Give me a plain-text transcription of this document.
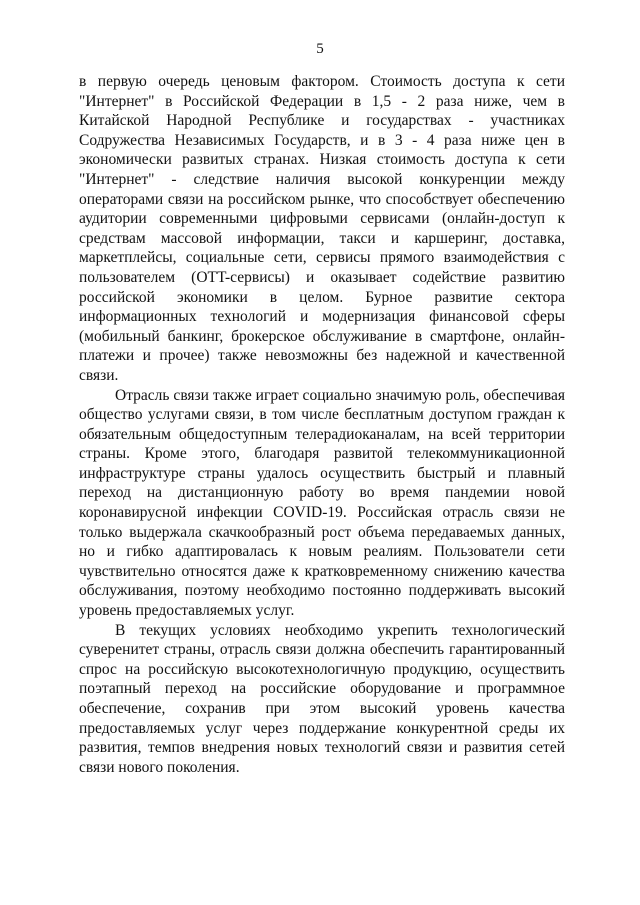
5

в первую очередь ценовым фактором. Стоимость доступа к сети "Интернет" в Российской Федерации в 1,5 - 2 раза ниже, чем в Китайской Народной Республике и государствах - участниках Содружества Независимых Государств, и в 3 - 4 раза ниже цен в экономически развитых странах. Низкая стоимость доступа к сети "Интернет" - следствие наличия высокой конкуренции между операторами связи на российском рынке, что способствует обеспечению аудитории современными цифровыми сервисами (онлайн-доступ к средствам массовой информации, такси и каршеринг, доставка, маркетплейсы, социальные сети, сервисы прямого взаимодействия с пользователем (OTT-сервисы) и оказывает содействие развитию российской экономики в целом. Бурное развитие сектора информационных технологий и модернизация финансовой сферы (мобильный банкинг, брокерское обслуживание в смартфоне, онлайн-платежи и прочее) также невозможны без надежной и качественной связи.

Отрасль связи также играет социально значимую роль, обеспечивая общество услугами связи, в том числе бесплатным доступом граждан к обязательным общедоступным телерадиоканалам, на всей территории страны. Кроме этого, благодаря развитой телекоммуникационной инфраструктуре страны удалось осуществить быстрый и плавный переход на дистанционную работу во время пандемии новой коронавирусной инфекции COVID-19. Российская отрасль связи не только выдержала скачкообразный рост объема передаваемых данных, но и гибко адаптировалась к новым реалиям. Пользователи сети чувствительно относятся даже к кратковременному снижению качества обслуживания, поэтому необходимо постоянно поддерживать высокий уровень предоставляемых услуг.

В текущих условиях необходимо укрепить технологический суверенитет страны, отрасль связи должна обеспечить гарантированный спрос на российскую высокотехнологичную продукцию, осуществить поэтапный переход на российские оборудование и программное обеспечение, сохранив при этом высокий уровень качества предоставляемых услуг через поддержание конкурентной среды их развития, темпов внедрения новых технологий связи и развития сетей связи нового поколения.
